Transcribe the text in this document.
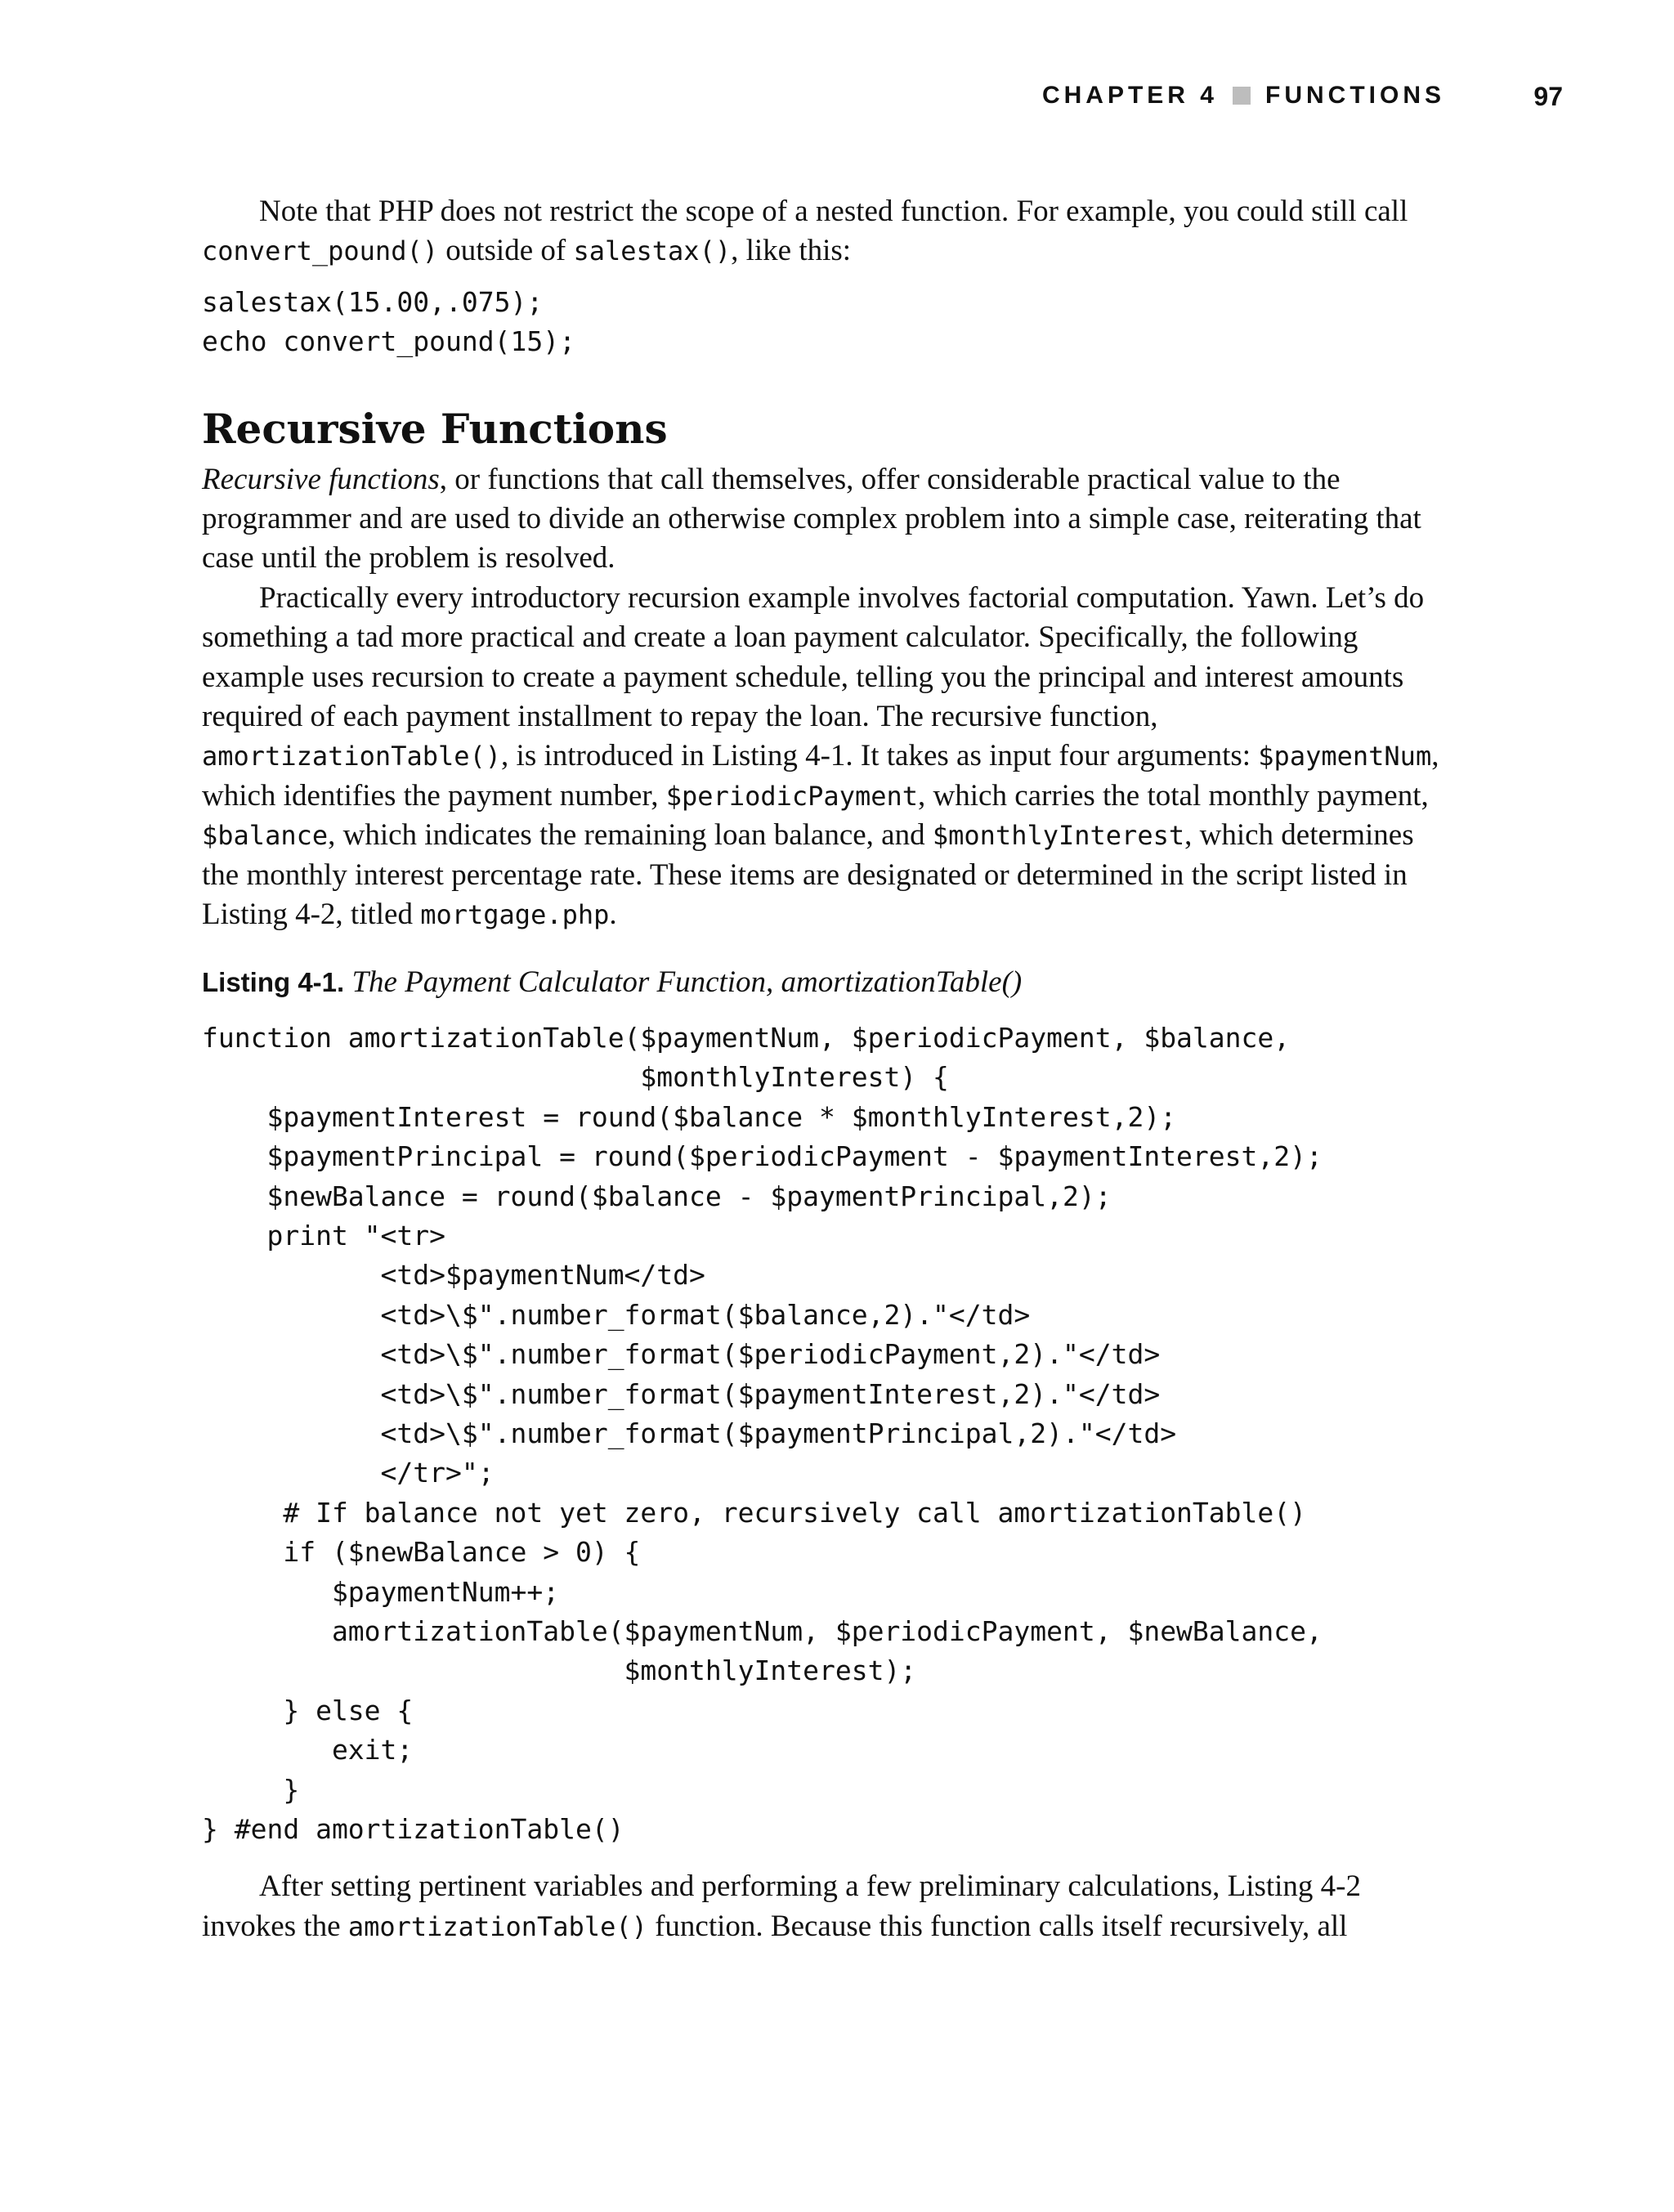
CHAPTER 4 FUNCTIONS	97

Note that PHP does not restrict the scope of a nested function. For example, you could still call convert_pound() outside of salestax(), like this:

salestax(15.00,.075);
echo convert_pound(15);
Recursive Functions

Recursive functions, or functions that call themselves, offer considerable practical value to the programmer and are used to divide an otherwise complex problem into a simple case, reiterating that case until the problem is resolved.

Practically every introductory recursion example involves factorial computation. Yawn. Let’s do something a tad more practical and create a loan payment calculator. Specifically, the following example uses recursion to create a payment schedule, telling you the principal and interest amounts required of each payment installment to repay the loan. The recursive function, amortizationTable(), is introduced in Listing 4-1. It takes as input four arguments: $paymentNum, which identifies the payment number, $periodicPayment, which carries the total monthly payment, $balance, which indicates the remaining loan balance, and $monthlyInterest, which determines the monthly interest percentage rate. These items are designated or determined in the script listed in Listing 4-2, titled mortgage.php.

Listing 4-1. The Payment Calculator Function, amortizationTable()

function amortizationTable($paymentNum, $periodicPayment, $balance,
$monthlyInterest) {
$paymentInterest = round($balance * $monthlyInterest,2);
$paymentPrincipal = round($periodicPayment - $paymentInterest,2);
$newBalance = round($balance - $paymentPrincipal,2);
print "<tr>
<td>$paymentNum</td>
<td>\$".number_format($balance,2)."</td>
<td>\$".number_format($periodicPayment,2)."</td>
<td>\$".number_format($paymentInterest,2)."</td>
<td>\$".number_format($paymentPrincipal,2)."</td>
</tr>";
# If balance not yet zero, recursively call amortizationTable()
if ($newBalance > 0) {
$paymentNum++;
amortizationTable($paymentNum, $periodicPayment, $newBalance,
$monthlyInterest);
} else {
exit;
}
} #end amortizationTable()

After setting pertinent variables and performing a few preliminary calculations, Listing 4-2 invokes the amortizationTable() function. Because this function calls itself recursively, all
